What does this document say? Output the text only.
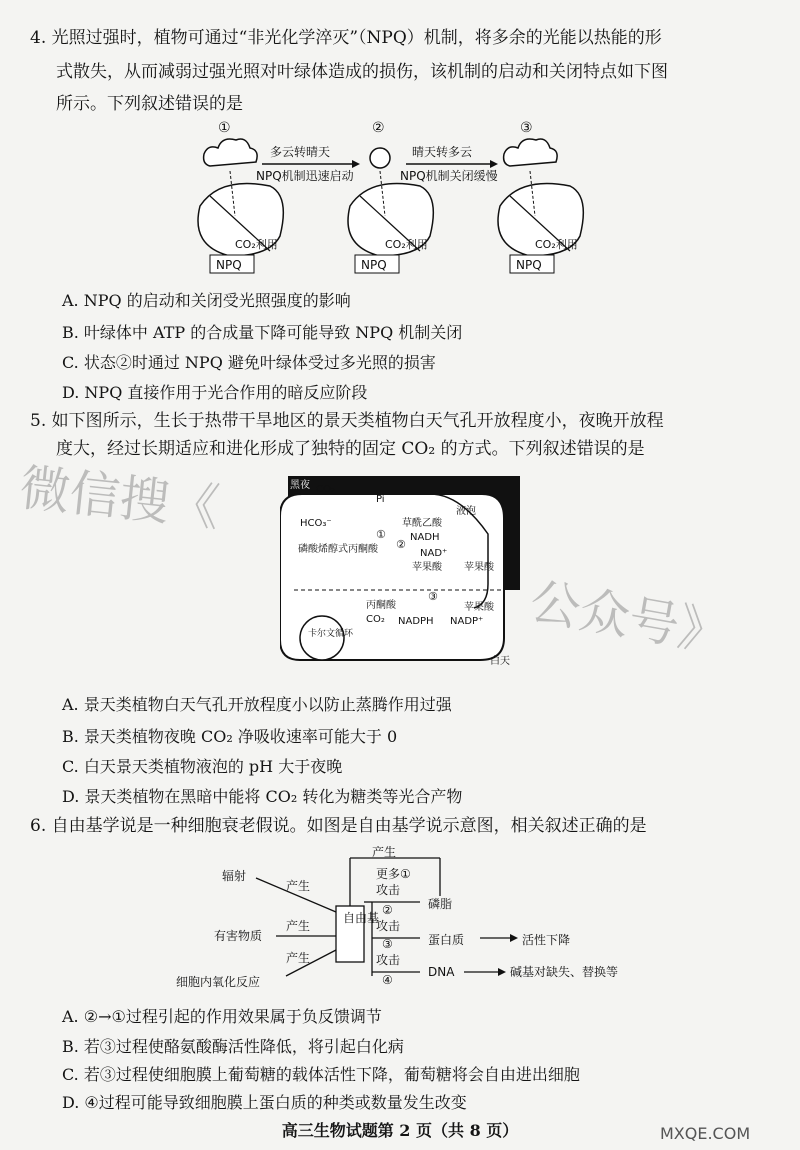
4. 光照过强时，植物可通过“非光化学淬灭”（NPQ）机制，将多余的光能以热能的形
式散失，从而减弱过强光照对叶绿体造成的损伤，该机制的启动和关闭特点如下图
所示。下列叙述错误的是
①
CO₂利用
NPQ
多云转晴天
NPQ机制迅速启动
②
CO₂利用
NPQ
晴天转多云
NPQ机制关闭缓慢
③
CO₂利用
NPQ
A. NPQ 的启动和关闭受光照强度的影响
B. 叶绿体中 ATP 的合成量下降可能导致 NPQ 机制关闭
C. 状态②时通过 NPQ 避免叶绿体受过多光照的损害
D. NPQ 直接作用于光合作用的暗反应阶段
5. 如下图所示，生长于热带干旱地区的景天类植物白天气孔开放程度小，夜晚开放程
度大，经过长期适应和进化形成了独特的固定 CO₂ 的方式。下列叙述错误的是
黑夜 CO₂
HCO₃⁻
Pi
草酰乙酸
NADH
NAD⁺
磷酸烯醇式丙酮酸
液泡
苹果酸 苹果酸
苹果酸
丙酮酸
CO₂ NADPH NADP⁺
卡尔文循环
①
②
③
白天
微信搜《
公众号》
A. 景天类植物白天气孔开放程度小以防止蒸腾作用过强
B. 景天类植物夜晚 CO₂ 净吸收速率可能大于 0
C. 白天景天类植物液泡的 pH 大于夜晚
D. 景天类植物在黑暗中能将 CO₂ 转化为糖类等光合产物
6. 自由基学说是一种细胞衰老假说。如图是自由基学说示意图，相关叙述正确的是
辐射
有害物质
细胞内氧化反应
产生
产生
产生
自由基
产生
更多①
攻击
攻击
攻击
②
③
④
磷脂
蛋白质
DNA
活性下降
碱基对缺失、替换等
A. ②→①过程引起的作用效果属于负反馈调节
B. 若③过程使酪氨酸酶活性降低，将引起白化病
C. 若③过程使细胞膜上葡萄糖的载体活性下降，葡萄糖将会自由进出细胞
D. ④过程可能导致细胞膜上蛋白质的种类或数量发生改变
高三生物试题第 2 页（共 8 页）	MXQE.COM
